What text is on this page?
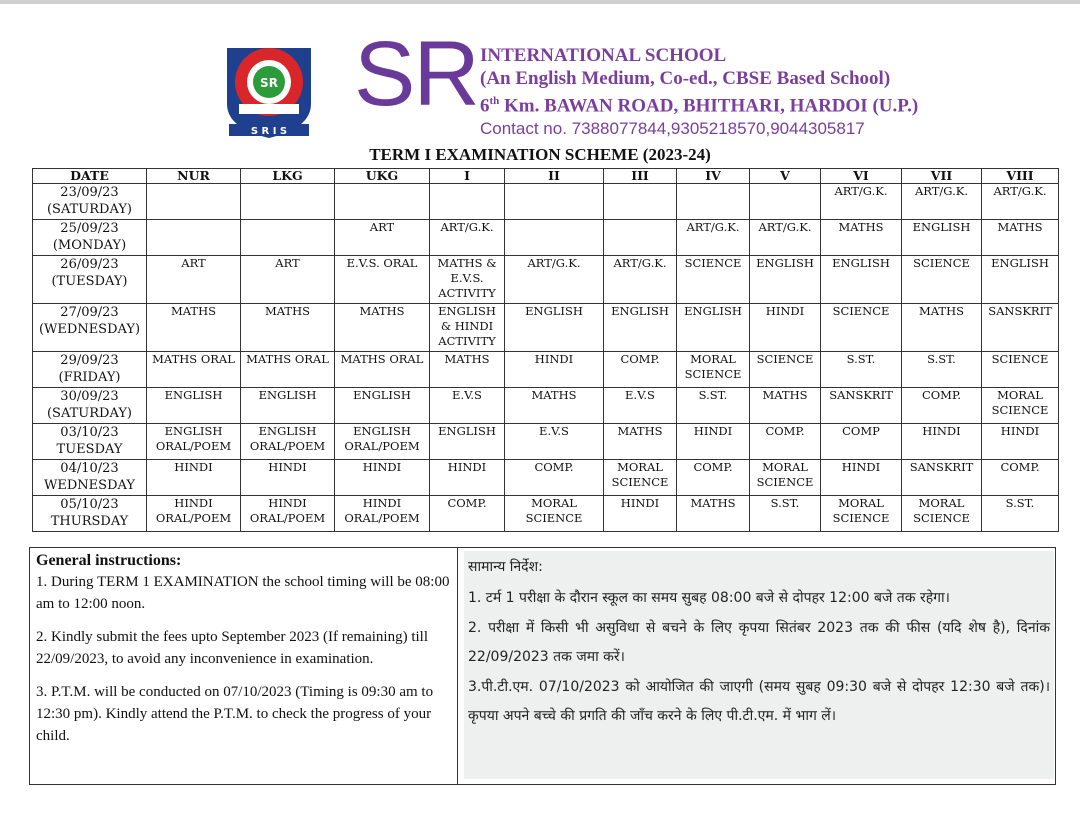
SR
S R I S
SR INTERNATIONAL SCHOOL
(An English Medium, Co-ed., CBSE Based School)
6th Km. BAWAN ROAD, BHITHARI, HARDOI (U.P.)
Contact no. 7388077844,9305218570,9044305817
TERM I EXAMINATION SCHEME (2023-24)
DATE	NUR	LKG	UKG	I	II	III	IV	V	VI	VII	VIII

23/09/23
(SATURDAY)									ART/G.K.	ART/G.K.	ART/G.K.

25/09/23
(MONDAY)			ART	ART/G.K.			ART/G.K.	ART/G.K.	MATHS	ENGLISH	MATHS

26/09/23
(TUESDAY)	ART	ART	E.V.S. ORAL	MATHS & E.V.S. ACTIVITY	ART/G.K.	ART/G.K.	SCIENCE	ENGLISH	ENGLISH	SCIENCE	ENGLISH

27/09/23
(WEDNESDAY)	MATHS	MATHS	MATHS	ENGLISH & HINDI ACTIVITY	ENGLISH	ENGLISH	ENGLISH	HINDI	SCIENCE	MATHS	SANSKRIT

29/09/23
(FRIDAY)	MATHS ORAL	MATHS ORAL	MATHS ORAL	MATHS	HINDI	COMP.	MORAL SCIENCE	SCIENCE	S.ST.	S.ST.	SCIENCE

30/09/23
(SATURDAY)	ENGLISH	ENGLISH	ENGLISH	E.V.S	MATHS	E.V.S	S.ST.	MATHS	SANSKRIT	COMP.	MORAL SCIENCE

03/10/23
TUESDAY	ENGLISH ORAL/POEM	ENGLISH ORAL/POEM	ENGLISH ORAL/POEM	ENGLISH	E.V.S	MATHS	HINDI	COMP.	COMP	HINDI	HINDI

04/10/23
WEDNESDAY	HINDI	HINDI	HINDI	HINDI	COMP.	MORAL SCIENCE	COMP.	MORAL SCIENCE	HINDI	SANSKRIT	COMP.

05/10/23
THURSDAY	HINDI ORAL/POEM	HINDI ORAL/POEM	HINDI ORAL/POEM	COMP.	MORAL SCIENCE	HINDI	MATHS	S.ST.	MORAL SCIENCE	MORAL SCIENCE	S.ST.
General instructions:

1. During TERM 1 EXAMINATION the school timing will be 08:00 am to 12:00 noon.

2. Kindly submit the fees upto September 2023 (If remaining) till 22/09/2023, to avoid any inconvenience in examination.

3. P.T.M. will be conducted on 07/10/2023 (Timing is 09:30 am to 12:30 pm). Kindly attend the P.T.M. to check the progress of your child.

सामान्य निर्देश:

1. टर्म 1 परीक्षा के दौरान स्कूल का समय सुबह 08:00 बजे से दोपहर 12:00 बजे तक रहेगा।

2. परीक्षा में किसी भी असुविधा से बचने के लिए कृपया सितंबर 2023 तक की फीस (यदि शेष है), दिनांक 22/09/2023 तक जमा करें।

3.पी.टी.एम. 07/10/2023 को आयोजित की जाएगी (समय सुबह 09:30 बजे से दोपहर 12:30 बजे तक)। कृपया अपने बच्चे की प्रगति की जाँच करने के लिए पी.टी.एम. में भाग लें।
